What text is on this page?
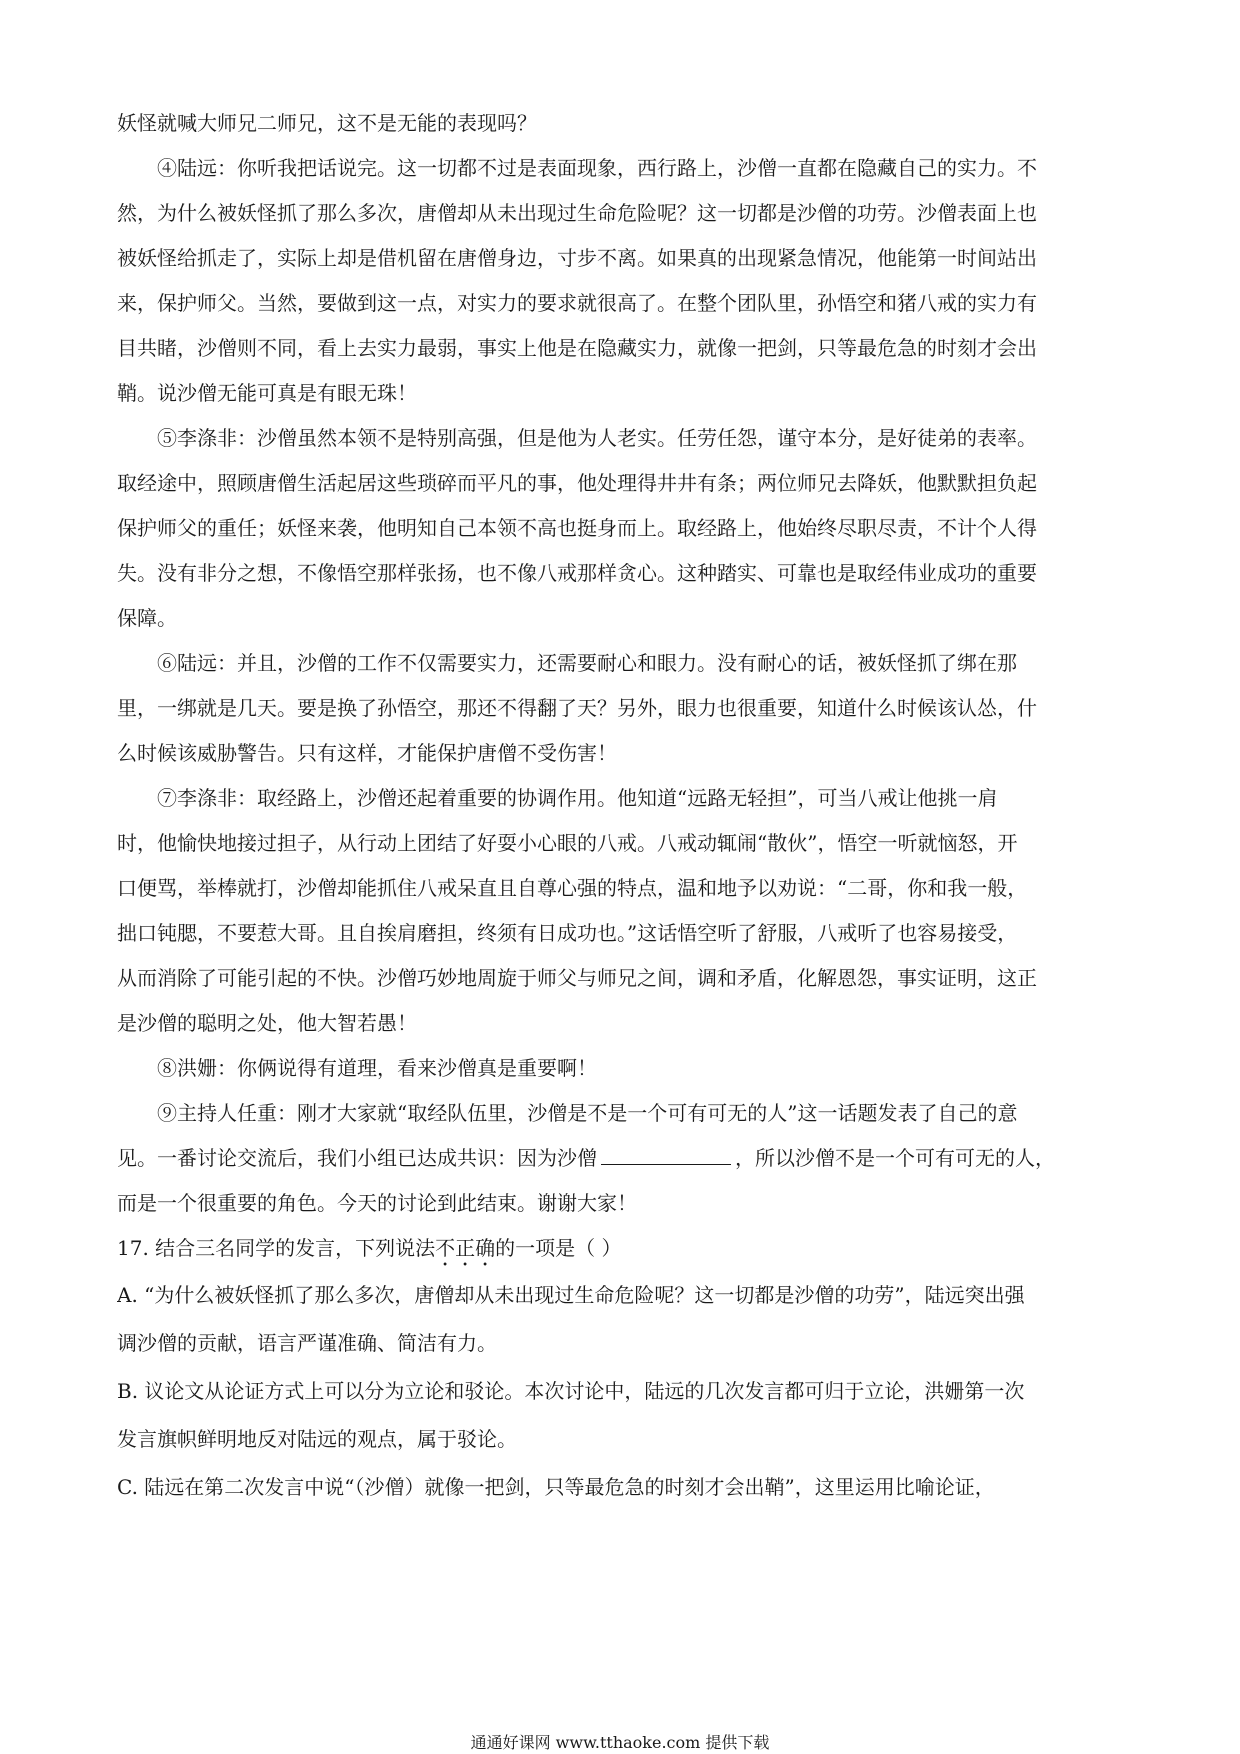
妖怪就喊大师兄二师兄，这不是无能的表现吗？
④陆远：你听我把话说完。这一切都不过是表面现象，西行路上，沙僧一直都在隐藏自己的实力。不
然，为什么被妖怪抓了那么多次，唐僧却从未出现过生命危险呢？这一切都是沙僧的功劳。沙僧表面上也
被妖怪给抓走了，实际上却是借机留在唐僧身边，寸步不离。如果真的出现紧急情况，他能第一时间站出
来，保护师父。当然，要做到这一点，对实力的要求就很高了。在整个团队里，孙悟空和猪八戒的实力有
目共睹，沙僧则不同，看上去实力最弱，事实上他是在隐藏实力，就像一把剑，只等最危急的时刻才会出
鞘。说沙僧无能可真是有眼无珠！
⑤李涤非：沙僧虽然本领不是特别高强，但是他为人老实。任劳任怨，谨守本分，是好徒弟的表率。
取经途中，照顾唐僧生活起居这些琐碎而平凡的事，他处理得井井有条；两位师兄去降妖，他默默担负起
保护师父的重任；妖怪来袭，他明知自己本领不高也挺身而上。取经路上，他始终尽职尽责，不计个人得
失。没有非分之想，不像悟空那样张扬，也不像八戒那样贪心。这种踏实、可靠也是取经伟业成功的重要
保障。
⑥陆远：并且，沙僧的工作不仅需要实力，还需要耐心和眼力。没有耐心的话，被妖怪抓了绑在那
里，一绑就是几天。要是换了孙悟空，那还不得翻了天？另外，眼力也很重要，知道什么时候该认怂，什
么时候该威胁警告。只有这样，才能保护唐僧不受伤害！
⑦李涤非：取经路上，沙僧还起着重要的协调作用。他知道“远路无轻担”，可当八戒让他挑一肩
时，他愉快地接过担子，从行动上团结了好耍小心眼的八戒。八戒动辄闹“散伙”，悟空一听就恼怒，开
口便骂，举棒就打，沙僧却能抓住八戒呆直且自尊心强的特点，温和地予以劝说：“二哥，你和我一般，
拙口钝腮，不要惹大哥。且自挨肩磨担，终须有日成功也。”这话悟空听了舒服，八戒听了也容易接受，
从而消除了可能引起的不快。沙僧巧妙地周旋于师父与师兄之间，调和矛盾，化解恩怨，事实证明，这正
是沙僧的聪明之处，他大智若愚！
⑧洪姗：你俩说得有道理，看来沙僧真是重要啊！
⑨主持人任重：刚才大家就“取经队伍里，沙僧是不是一个可有可无的人”这一话题发表了自己的意
见。一番讨论交流后，我们小组已达成共识：因为沙僧	，所以沙僧不是一个可有可无的人，
而是一个很重要的角色。今天的讨论到此结束。谢谢大家！
17. 结合三名同学的发言，下列说法不正确的一项是（ ）
A. “为什么被妖怪抓了那么多次，唐僧却从未出现过生命危险呢？这一切都是沙僧的功劳”，陆远突出强
调沙僧的贡献，语言严谨准确、简洁有力。
B. 议论文从论证方式上可以分为立论和驳论。本次讨论中，陆远的几次发言都可归于立论，洪姗第一次
发言旗帜鲜明地反对陆远的观点，属于驳论。
C. 陆远在第二次发言中说“（沙僧）就像一把剑，只等最危急的时刻才会出鞘”，这里运用比喻论证，
通通好课网 www.tthaoke.com 提供下载
